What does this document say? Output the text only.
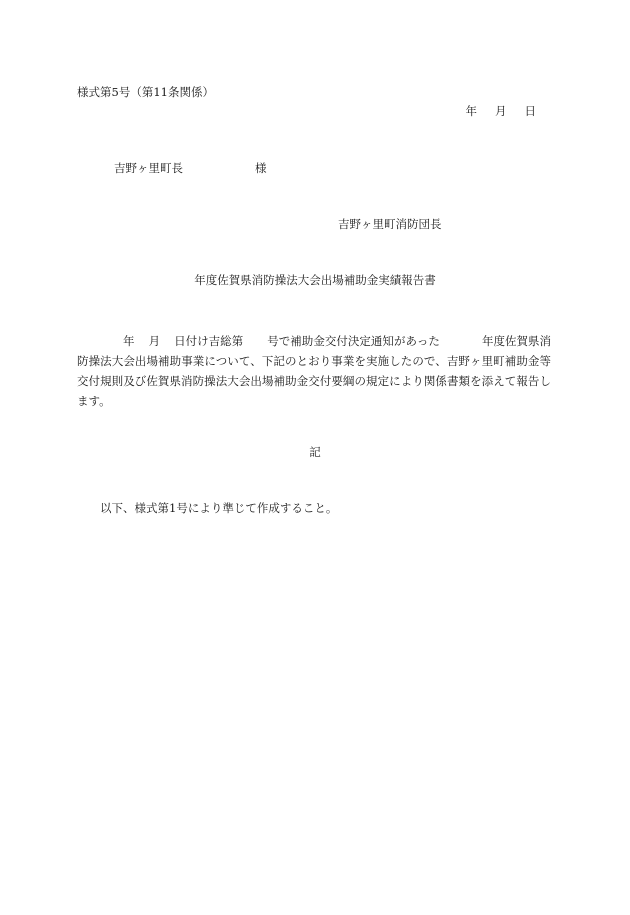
様式第5号（第11条関係）
年 月 日
吉野ヶ里町長	様
吉野ヶ里町消防団長
年度佐賀県消防操法大会出場補助金実績報告書
年 月 日付け吉総第 号で補助金交付決定通知があった	年度佐賀県消防操法大会出場補助事業について、下記のとおり事業を実施したので、吉野ヶ里町補助金等交付規則及び佐賀県消防操法大会出場補助金交付要綱の規定により関係書類を添えて報告します。
記
以下、様式第1号により準じて作成すること。
